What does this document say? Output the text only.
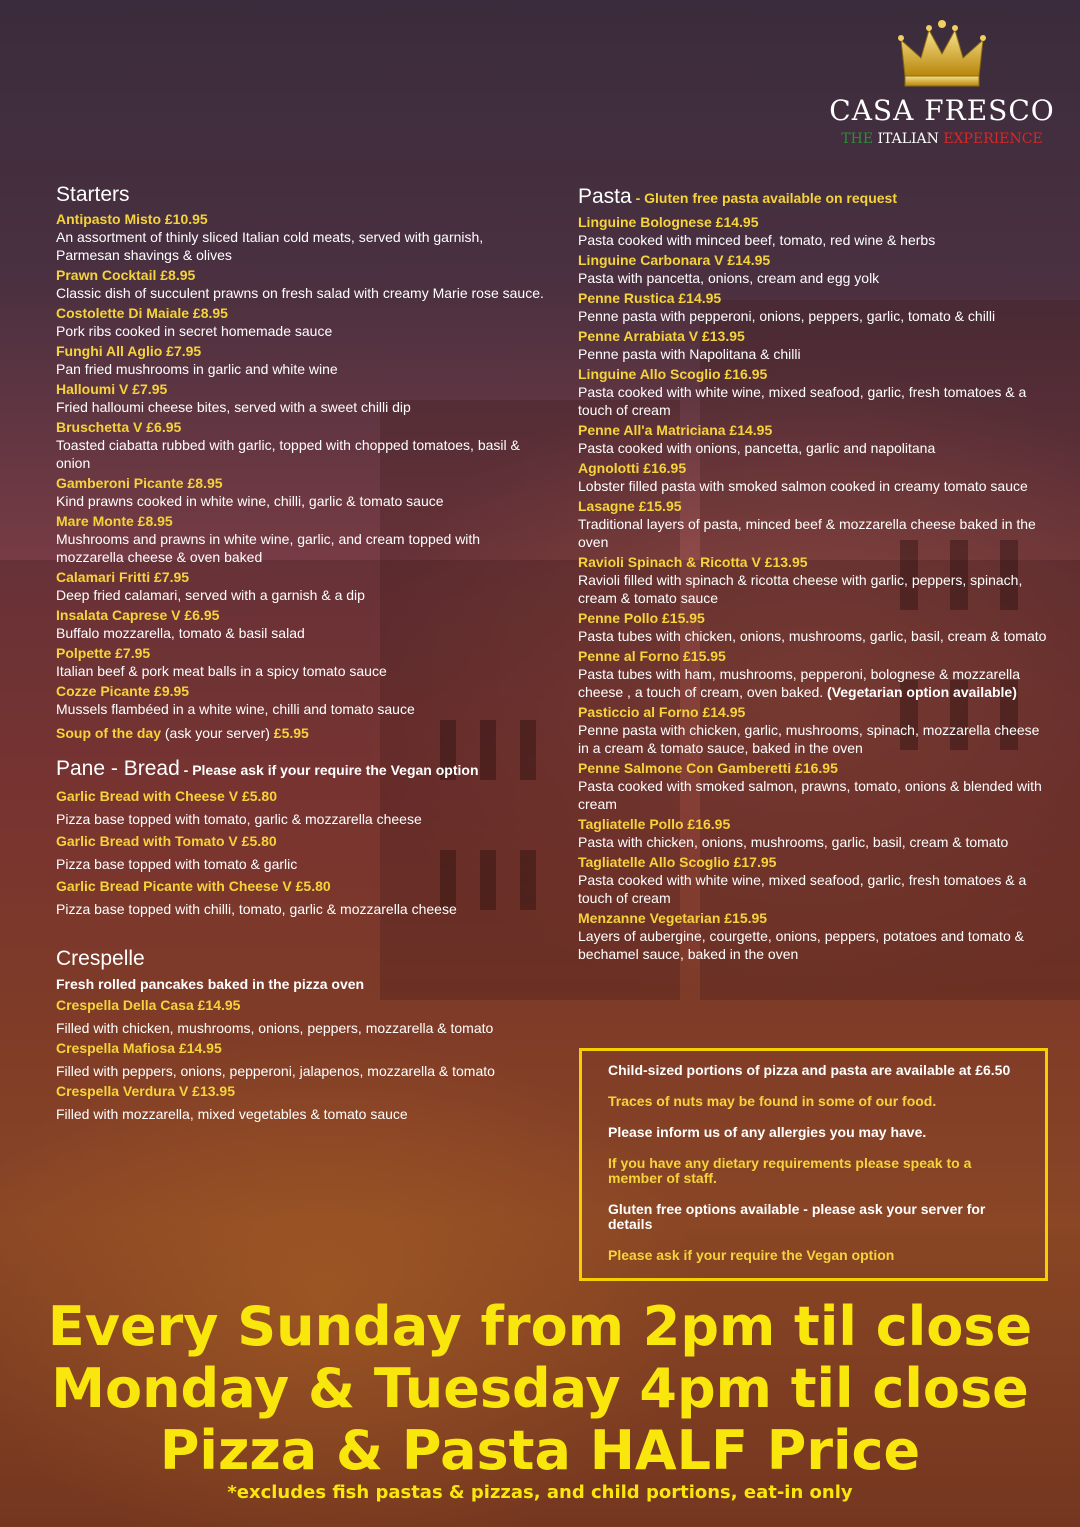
CASA FRESCO
THE ITALIAN EXPERIENCE
Starters
Antipasto Misto £10.95
An assortment of thinly sliced Italian cold meats, served with garnish, Parmesan shavings & olives
Prawn Cocktail £8.95
Classic dish of succulent prawns on fresh salad with creamy Marie rose sauce.
Costolette Di Maiale £8.95
Pork ribs cooked in secret homemade sauce
Funghi All Aglio £7.95
Pan fried mushrooms in garlic and white wine
Halloumi V £7.95
Fried halloumi cheese bites, served with a sweet chilli dip
Bruschetta V £6.95
Toasted ciabatta rubbed with garlic, topped with chopped tomatoes, basil & onion
Gamberoni Picante £8.95
Kind prawns cooked in white wine, chilli, garlic & tomato sauce
Mare Monte £8.95
Mushrooms and prawns in white wine, garlic, and cream topped with mozzarella cheese & oven baked
Calamari Fritti £7.95
Deep fried calamari, served with a garnish & a dip
Insalata Caprese V £6.95
Buffalo mozzarella, tomato & basil salad
Polpette £7.95
Italian beef & pork meat balls in a spicy tomato sauce
Cozze Picante £9.95
Mussels flambéed in a white wine, chilli and tomato sauce
Soup of the day (ask your server) £5.95
Pane - Bread - Please ask if your require the Vegan option
Garlic Bread with Cheese V £5.80
Pizza base topped with tomato, garlic & mozzarella cheese
Garlic Bread with Tomato V £5.80
Pizza base topped with tomato & garlic
Garlic Bread Picante with Cheese V £5.80
Pizza base topped with chilli, tomato, garlic & mozzarella cheese
Crespelle
Fresh rolled pancakes baked in the pizza oven
Crespella Della Casa £14.95
Filled with chicken, mushrooms, onions, peppers, mozzarella & tomato
Crespella Mafiosa £14.95
Filled with peppers, onions, pepperoni, jalapenos, mozzarella & tomato
Crespella Verdura V £13.95
Filled with mozzarella, mixed vegetables & tomato sauce
Pasta - Gluten free pasta available on request
Linguine Bolognese £14.95
Pasta cooked with minced beef, tomato, red wine & herbs
Linguine Carbonara V £14.95
Pasta with pancetta, onions, cream and egg yolk
Penne Rustica £14.95
Penne pasta with pepperoni, onions, peppers, garlic, tomato & chilli
Penne Arrabiata V £13.95
Penne pasta with Napolitana & chilli
Linguine Allo Scoglio £16.95
Pasta cooked with white wine, mixed seafood, garlic, fresh tomatoes & a touch of cream
Penne All'a Matriciana £14.95
Pasta cooked with onions, pancetta, garlic and napolitana
Agnolotti £16.95
Lobster filled pasta with smoked salmon cooked in creamy tomato sauce
Lasagne £15.95
Traditional layers of pasta, minced beef & mozzarella cheese baked in the oven
Ravioli Spinach & Ricotta V £13.95
Ravioli filled with spinach & ricotta cheese with garlic, peppers, spinach, cream & tomato sauce
Penne Pollo £15.95
Pasta tubes with chicken, onions, mushrooms, garlic, basil, cream & tomato
Penne al Forno £15.95
Pasta tubes with ham, mushrooms, pepperoni, bolognese & mozzarella cheese , a touch of cream, oven baked. (Vegetarian option available)
Pasticcio al Forno £14.95
Penne pasta with chicken, garlic, mushrooms, spinach, mozzarella cheese in a cream & tomato sauce, baked in the oven
Penne Salmone Con Gamberetti £16.95
Pasta cooked with smoked salmon, prawns, tomato, onions & blended with cream
Tagliatelle Pollo £16.95
Pasta with chicken, onions, mushrooms, garlic, basil, cream & tomato
Tagliatelle Allo Scoglio £17.95
Pasta cooked with white wine, mixed seafood, garlic, fresh tomatoes & a touch of cream
Menzanne Vegetarian £15.95
Layers of aubergine, courgette, onions, peppers, potatoes and tomato & bechamel sauce, baked in the oven

Child-sized portions of pizza and pasta are available at £6.50

Traces of nuts may be found in some of our food.

Please inform us of any allergies you may have.

If you have any dietary requirements please speak to a member of staff.

Gluten free options available - please ask your server for details

Please ask if your require the Vegan option

Every Sunday from 2pm til close
Monday & Tuesday 4pm til close
Pizza & Pasta HALF Price
*excludes fish pastas & pizzas, and child portions, eat-in only
